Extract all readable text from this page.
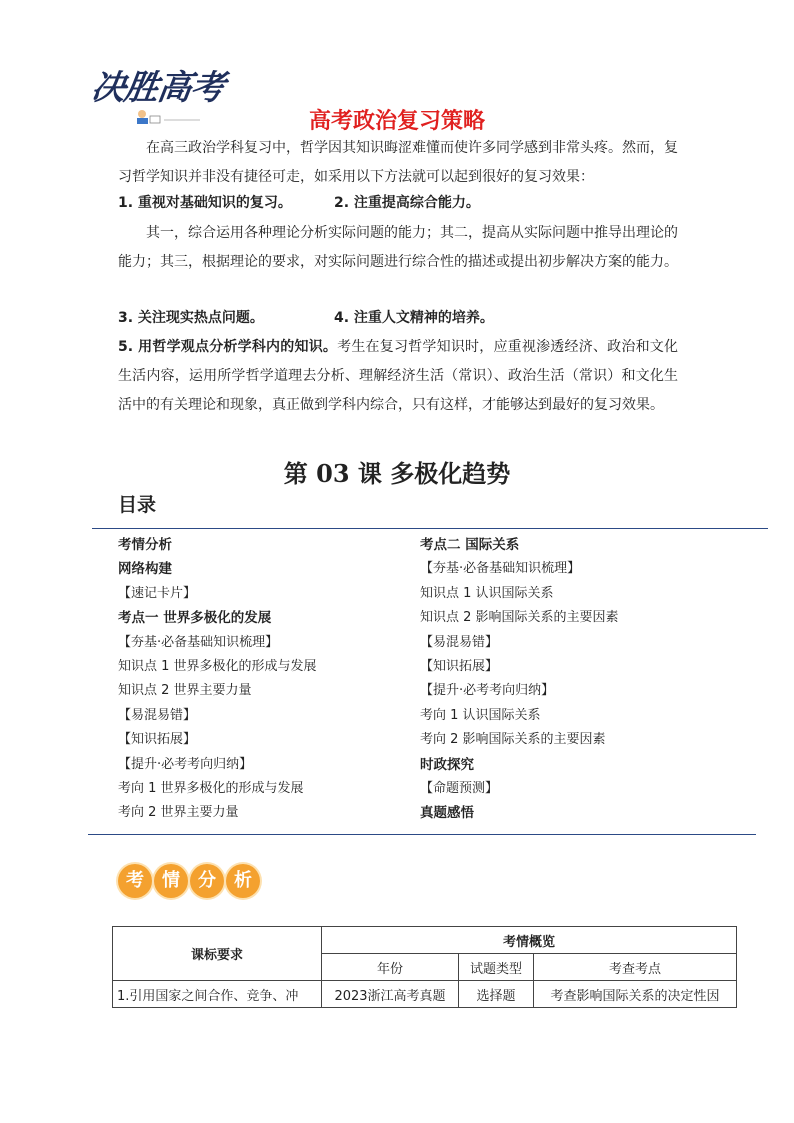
决胜高考
高考政治复习策略
在高三政治学科复习中，哲学因其知识晦涩难懂而使许多同学感到非常头疼。然而，复习哲学知识并非没有捷径可走，如采用以下方法就可以起到很好的复习效果：
1. 重视对基础知识的复习。	2. 注重提高综合能力。
其一，综合运用各种理论分析实际问题的能力；其二，提高从实际问题中推导出理论的能力；其三，根据理论的要求，对实际问题进行综合性的描述或提出初步解决方案的能力。
3. 关注现实热点问题。	4. 注重人文精神的培养。
5. 用哲学观点分析学科内的知识。考生在复习哲学知识时，应重视渗透经济、政治和文化生活内容，运用所学哲学道理去分析、理解经济生活（常识）、政治生活（常识）和文化生活中的有关理论和现象，真正做到学科内综合，只有这样，才能够达到最好的复习效果。
第 03 课 多极化趋势
目录
考情分析
网络构建
【速记卡片】
考点一 世界多极化的发展
【夯基·必备基础知识梳理】
知识点 1 世界多极化的形成与发展
知识点 2 世界主要力量
【易混易错】
【知识拓展】
【提升·必考考向归纳】
考向 1 世界多极化的形成与发展
考向 2 世界主要力量
考点二 国际关系
【夯基·必备基础知识梳理】
知识点 1 认识国际关系
知识点 2 影响国际关系的主要因素
【易混易错】
【知识拓展】
【提升·必考考向归纳】
考向 1 认识国际关系
考向 2 影响国际关系的主要因素
时政探究
【命题预测】
真题感悟
考	情	分	析
课标要求	考情概览		
	年份	试题类型	考查考点
1.引用国家之间合作、竞争、冲	2023浙江高考真题	选择题	考查影响国际关系的决定性因
